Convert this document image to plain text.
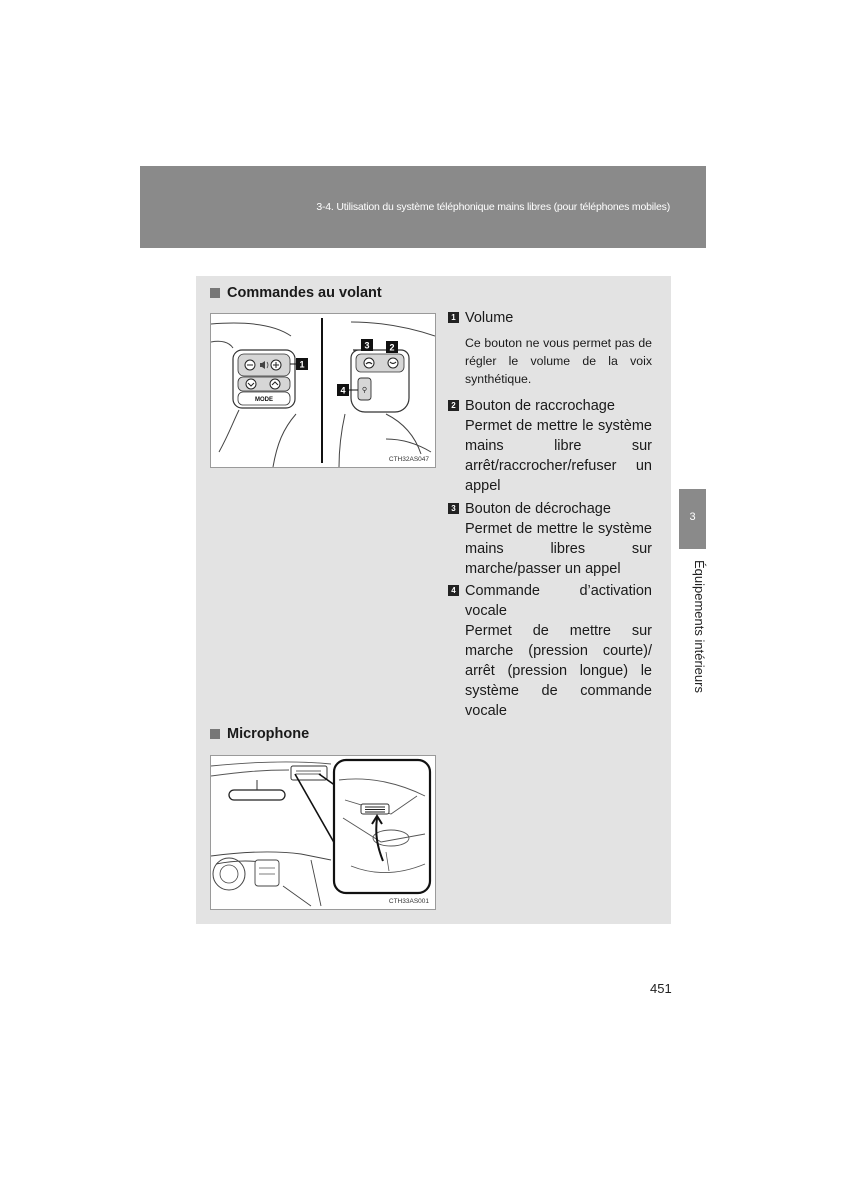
3-4. Utilisation du système téléphonique mains libres (pour téléphones mobiles)
3
Équipements intérieurs
Commandes au volant
MODE
1
⚲
3 2
4
CTH32AS047
1 Volume
Ce bouton ne vous permet pas de régler le volume de la voix synthétique.
2 Bouton de raccrochage
Permet de mettre le système mains libre sur arrêt/raccrocher/refuser un appel
3 Bouton de décrochage
Permet de mettre le système mains libres sur marche/passer un appel
4 Commande d’activation vocale
Permet de mettre sur marche (pression courte)/ arrêt (pression longue) le système de commande vocale
Microphone
CTH33AS001
451
